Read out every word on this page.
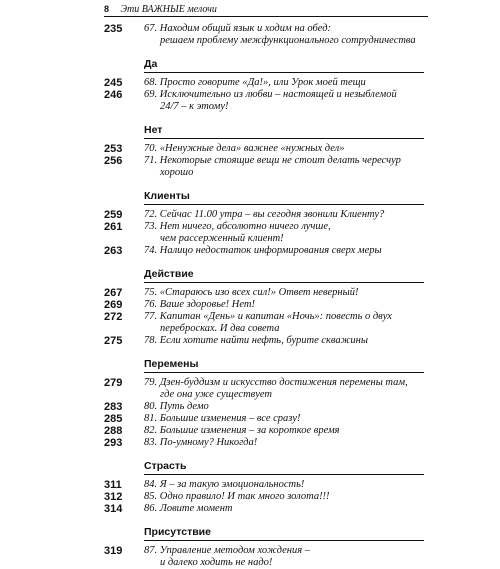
8 Эти ВАЖНЫЕ мелочи
235	67. Находим общий язык и ходим на обед:
решаем проблему межфункционального сотрудничества
Да
245	68. Просто говорите «Да!», или Урок моей тещи
246	69. Исключительно из любви – настоящей и незыблемой
24/7 – к этому!
Нет
253	70. «Ненужные дела» важнее «нужных дел»
256	71. Некоторые стоящие вещи не стоит делать чересчур
хорошо
Клиенты
259	72. Сейчас 11.00 утра – вы сегодня звонили Клиенту?
261	73. Нет ничего, абсолютно ничего лучше,
чем рассерженный клиент!
263	74. Налицо недостаток информирования сверх меры
Действие
267	75. «Стараюсь изо всех сил!» Ответ неверный!
269	76. Ваше здоровье! Нет!
272	77. Капитан «День» и капитан «Ночь»: повесть о двух
переброcках. И два совета
275	78. Если хотите найти нефть, бурите скважины
Перемены
279	79. Дзен-буддизм и искусство достижения перемены там,
где она уже существует
283	80. Путь демо
285	81. Большие изменения – все сразу!
288	82. Большие изменения – за короткое время
293	83. По-умному? Никогда!
Страсть
311	84. Я – за такую эмоциональность!
312	85. Одно правило! И так много золота!!!
314	86. Ловите момент
Присутствие
319	87. Управление методом хождения –
и далеко ходить не надо!
